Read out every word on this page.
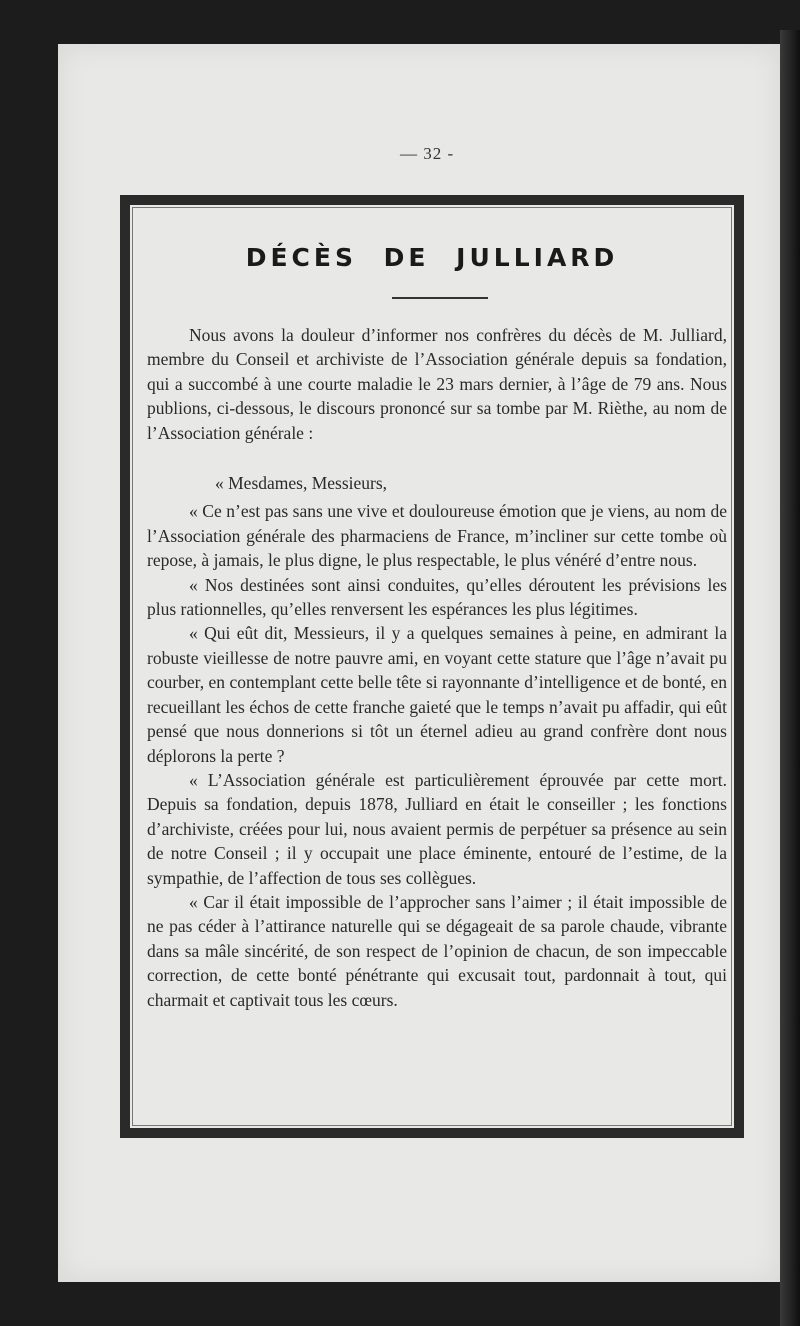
— 32 -
DÉCÈS DE JULLIARD

Nous avons la douleur d’informer nos confrères du décès de M. Julliard, membre du Conseil et archiviste de l’Association générale depuis sa fondation, qui a succombé à une courte maladie le 23 mars dernier, à l’âge de 79 ans. Nous publions, ci-dessous, le discours prononcé sur sa tombe par M. Rièthe, au nom de l’Association générale :

« Mesdames, Messieurs,

« Ce n’est pas sans une vive et douloureuse émotion que je viens, au nom de l’Association générale des pharmaciens de France, m’incliner sur cette tombe où repose, à jamais, le plus digne, le plus respectable, le plus vénéré d’entre nous.

« Nos destinées sont ainsi conduites, qu’elles déroutent les prévisions les plus rationnelles, qu’elles renversent les espérances les plus légitimes.

« Qui eût dit, Messieurs, il y a quelques semaines à peine, en admirant la robuste vieillesse de notre pauvre ami, en voyant cette stature que l’âge n’avait pu courber, en contemplant cette belle tête si rayonnante d’intelligence et de bonté, en recueillant les échos de cette franche gaieté que le temps n’avait pu affadir, qui eût pensé que nous donnerions si tôt un éternel adieu au grand confrère dont nous déplorons la perte ?

« L’Association générale est particulièrement éprouvée par cette mort. Depuis sa fondation, depuis 1878, Julliard en était le conseiller ; les fonctions d’archiviste, créées pour lui, nous avaient permis de perpétuer sa présence au sein de notre Conseil ; il y occupait une place éminente, entouré de l’estime, de la sympathie, de l’affection de tous ses collègues.

« Car il était impossible de l’approcher sans l’aimer ; il était impossible de ne pas céder à l’attirance naturelle qui se dégageait de sa parole chaude, vibrante dans sa mâle sincérité, de son respect de l’opinion de chacun, de son impeccable correction, de cette bonté pénétrante qui excusait tout, pardonnait à tout, qui charmait et captivait tous les cœurs.
